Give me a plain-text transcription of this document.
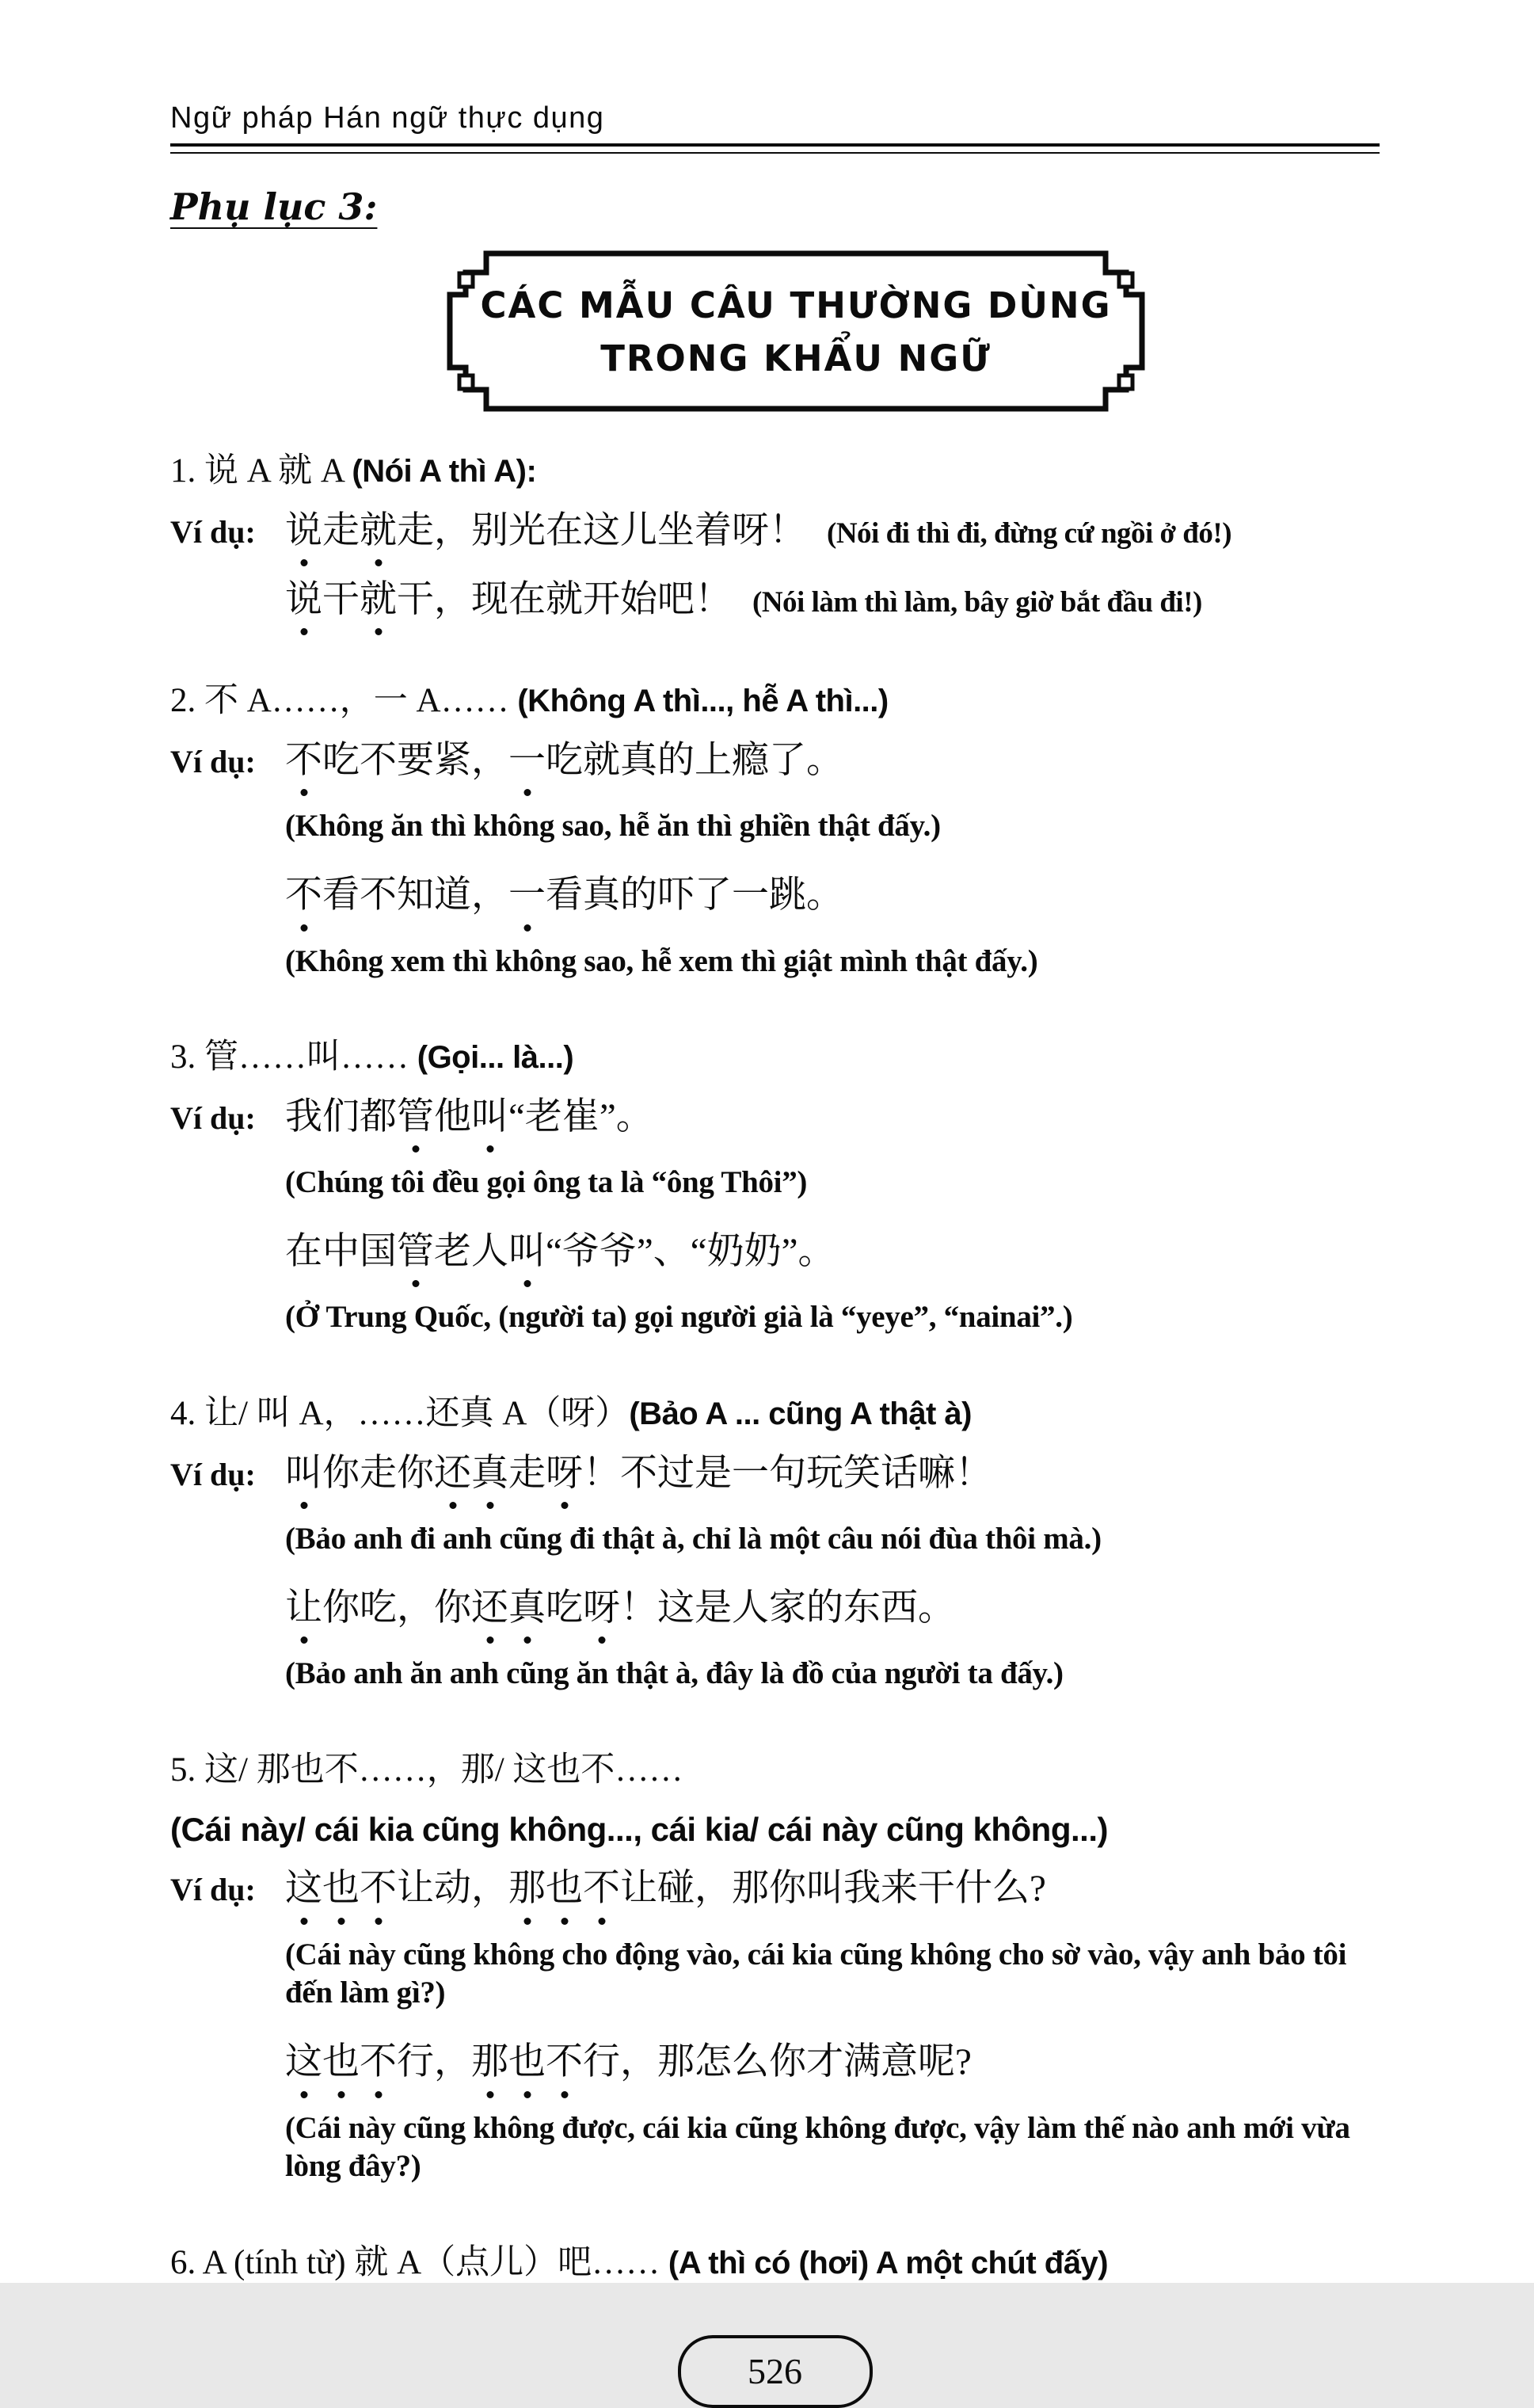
Ngữ pháp Hán ngữ thực dụng
Phụ lục 3:
CÁC MẪU CÂU THƯỜNG DÙNG
TRONG KHẨU NGỮ
1. 说 A 就 A (Nói A thì A):
Ví dụ: 说走就走，别光在这儿坐着呀！ (Nói đi thì đi, đừng cứ ngồi ở đó!)
说干就干，现在就开始吧！ (Nói làm thì làm, bây giờ bắt đầu đi!)
2. 不 A……，一 A…… (Không A thì..., hễ A thì...)
Ví dụ: 不吃不要紧，一吃就真的上瘾了。
(Không ăn thì không sao, hễ ăn thì ghiền thật đấy.)
不看不知道，一看真的吓了一跳。
(Không xem thì không sao, hễ xem thì giật mình thật đấy.)
3. 管……叫…… (Gọi... là...)
Ví dụ: 我们都管他叫“老崔”。
(Chúng tôi đều gọi ông ta là “ông Thôi”)
在中国管老人叫“爷爷”、“奶奶”。
(Ở Trung Quốc, (người ta) gọi người già là “yeye”, “nainai”.)
4. 让/ 叫 A，……还真 A（呀）(Bảo A ... cũng A thật à)
Ví dụ: 叫你走你还真走呀！不过是一句玩笑话嘛！
(Bảo anh đi anh cũng đi thật à, chỉ là một câu nói đùa thôi mà.)
让你吃，你还真吃呀！这是人家的东西。
(Bảo anh ăn anh cũng ăn thật à, đây là đồ của người ta đấy.)
5. 这/ 那也不……，那/ 这也不……
(Cái này/ cái kia cũng không..., cái kia/ cái này cũng không...)
Ví dụ: 这也不让动，那也不让碰，那你叫我来干什么?
(Cái này cũng không cho động vào, cái kia cũng không cho sờ vào, vậy anh bảo tôi đến làm gì?)
这也不行，那也不行，那怎么你才满意呢?
(Cái này cũng không được, cái kia cũng không được, vậy làm thế nào anh mới vừa lòng đây?)
6. A (tính từ) 就 A（点儿）吧…… (A thì có (hơi) A một chút đấy)
526
